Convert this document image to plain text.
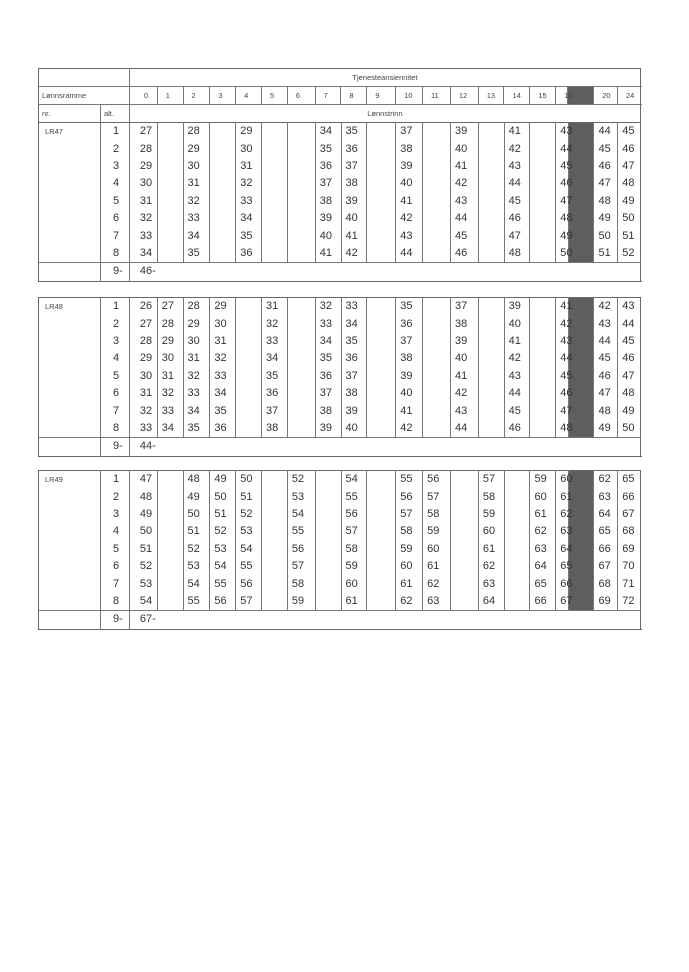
		Tjenesteansiennitet																				
Lønnsramme		0	1	2	3	4	5	6	7	8	9	10	11	12	13	14	15	16		20	24	
nr.	alt.	Lønnstrinn																				
LR47	1	27		28		29			34	35		37		39		41		43		44	45	
	2	28		29		30			35	36		38		40		42		44		45	46	
	3	29		30		31			36	37		39		41		43		45		46	47	
	4	30		31		32			37	38		40		42		44		46		47	48	
	5	31		32		33			38	39		41		43		45		47		48	49	
	6	32		33		34			39	40		42		44		46		48		49	50	
	7	33		34		35			40	41		43		45		47		49		50	51	
	8	34		35		36			41	42		44		46		48		50		51	52	
	9-	46-																				
LR48	1	26	27	28	29		31		32	33		35		37		39		41		42	43	
	2	27	28	29	30		32		33	34		36		38		40		42		43	44	
	3	28	29	30	31		33		34	35		37		39		41		43		44	45	
	4	29	30	31	32		34		35	36		38		40		42		44		45	46	
	5	30	31	32	33		35		36	37		39		41		43		45		46	47	
	6	31	32	33	34		36		37	38		40		42		44		46		47	48	
	7	32	33	34	35		37		38	39		41		43		45		47		48	49	
	8	33	34	35	36		38		39	40		42		44		46		48		49	50	
	9-	44-																				
LR49	1	47		48	49	50		52		54		55	56		57		59	60		62	65	
	2	48		49	50	51		53		55		56	57		58		60	61		63	66	
	3	49		50	51	52		54		56		57	58		59		61	62		64	67	
	4	50		51	52	53		55		57		58	59		60		62	63		65	68	
	5	51		52	53	54		56		58		59	60		61		63	64		66	69	
	6	52		53	54	55		57		59		60	61		62		64	65		67	70	
	7	53		54	55	56		58		60		61	62		63		65	66		68	71	
	8	54		55	56	57		59		61		62	63		64		66	67		69	72	
	9-	67-																				
